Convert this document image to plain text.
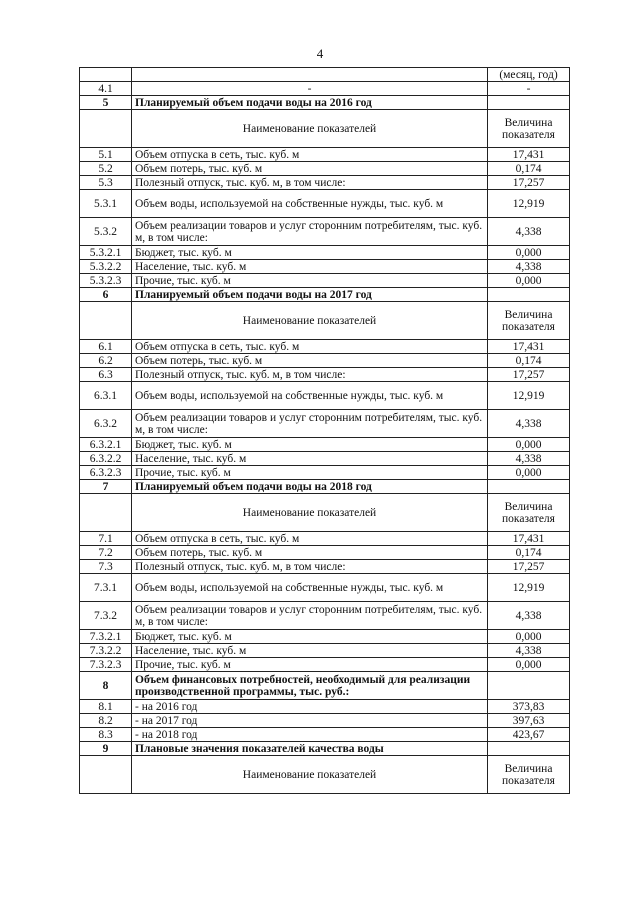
4
		(месяц, год)
4.1	-	-
5	Планируемый объем подачи воды на 2016 год	
	Наименование показателей	Величина показателя
5.1	Объем отпуска в сеть, тыс. куб. м	17,431
5.2	Объем потерь, тыс. куб. м	0,174
5.3	Полезный отпуск, тыс. куб. м, в том числе:	17,257
5.3.1	Объем воды, используемой на собственные нужды, тыс. куб. м	12,919
5.3.2	Объем реализации товаров и услуг сторонним потребителям, тыс. куб. м, в том числе:	4,338
5.3.2.1	Бюджет, тыс. куб. м	0,000
5.3.2.2	Население, тыс. куб. м	4,338
5.3.2.3	Прочие, тыс. куб. м	0,000
6	Планируемый объем подачи воды на 2017 год	
	Наименование показателей	Величина показателя
6.1	Объем отпуска в сеть, тыс. куб. м	17,431
6.2	Объем потерь, тыс. куб. м	0,174
6.3	Полезный отпуск, тыс. куб. м, в том числе:	17,257
6.3.1	Объем воды, используемой на собственные нужды, тыс. куб. м	12,919
6.3.2	Объем реализации товаров и услуг сторонним потребителям, тыс. куб. м, в том числе:	4,338
6.3.2.1	Бюджет, тыс. куб. м	0,000
6.3.2.2	Население, тыс. куб. м	4,338
6.3.2.3	Прочие, тыс. куб. м	0,000
7	Планируемый объем подачи воды на 2018 год	
	Наименование показателей	Величина показателя
7.1	Объем отпуска в сеть, тыс. куб. м	17,431
7.2	Объем потерь, тыс. куб. м	0,174
7.3	Полезный отпуск, тыс. куб. м, в том числе:	17,257
7.3.1	Объем воды, используемой на собственные нужды, тыс. куб. м	12,919
7.3.2	Объем реализации товаров и услуг сторонним потребителям, тыс. куб. м, в том числе:	4,338
7.3.2.1	Бюджет, тыс. куб. м	0,000
7.3.2.2	Население, тыс. куб. м	4,338
7.3.2.3	Прочие, тыс. куб. м	0,000
8	Объем финансовых потребностей, необходимый для реализации производственной программы, тыс. руб.:	
8.1	- на 2016 год	373,83
8.2	- на 2017 год	397,63
8.3	- на 2018 год	423,67
9	Плановые значения показателей качества воды	
	Наименование показателей	Величина показателя
